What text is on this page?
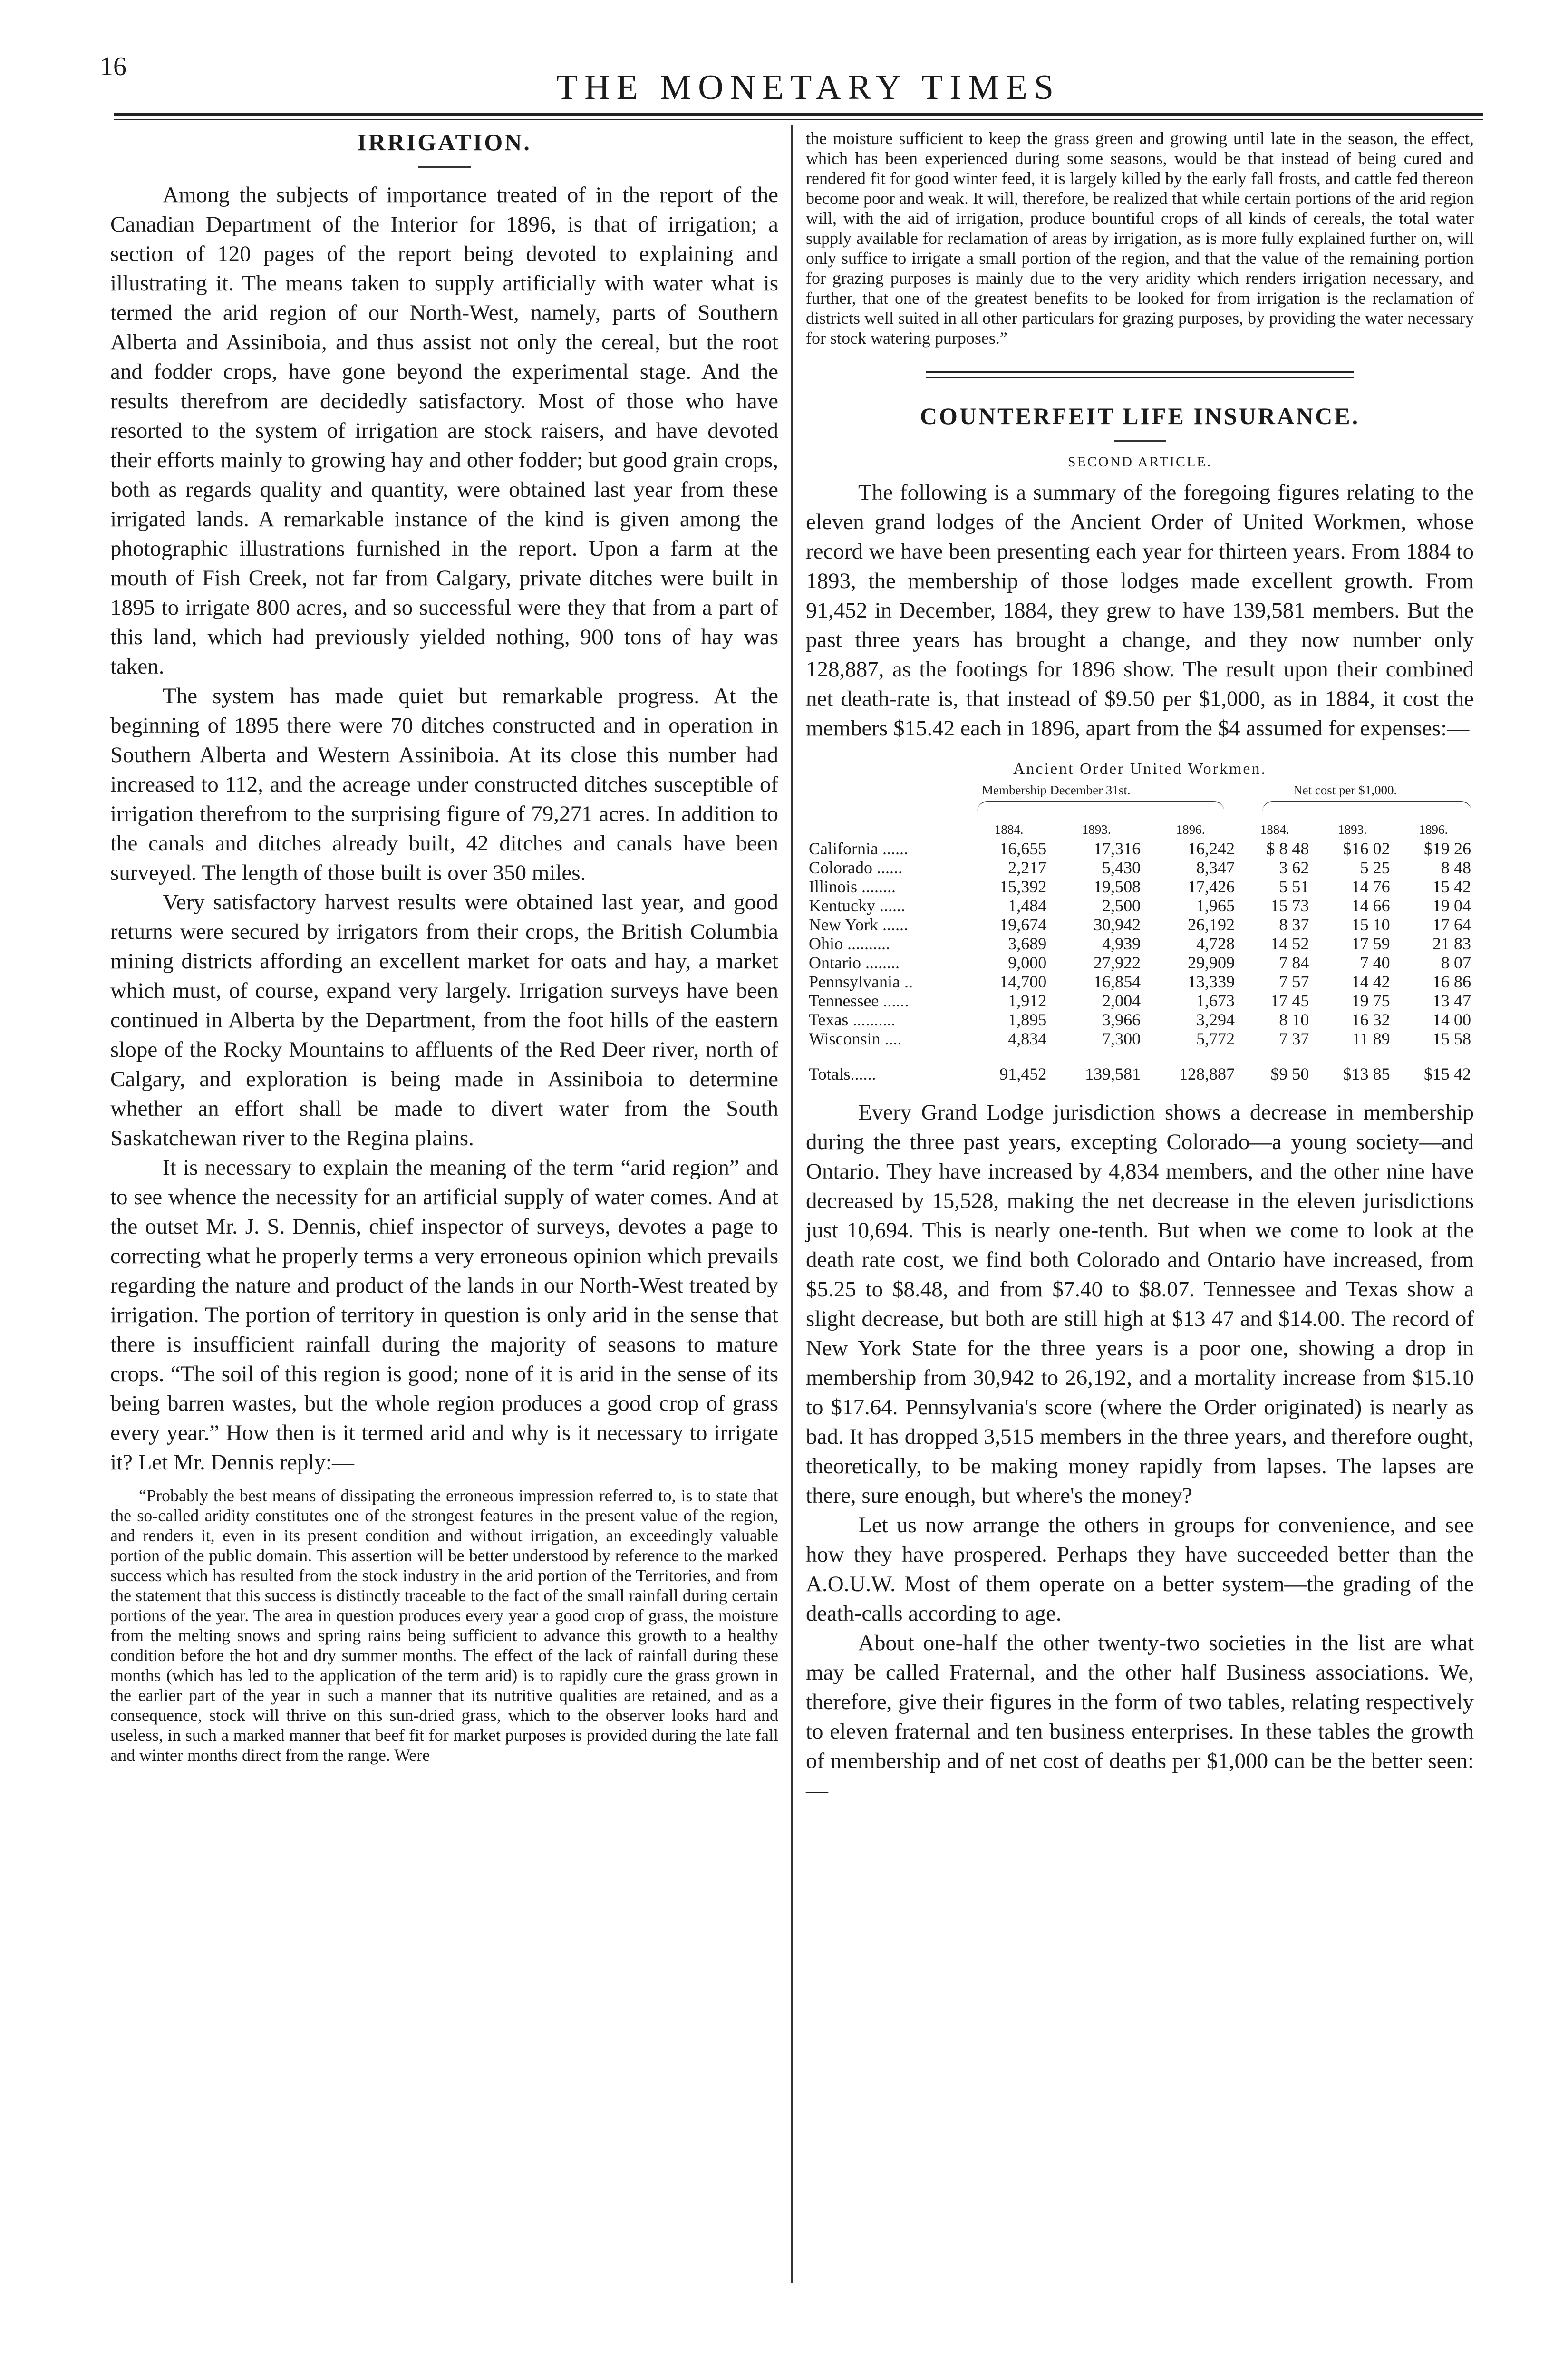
16
THE MONETARY TIMES
IRRIGATION.

Among the subjects of importance treated of in the report of the Canadian Department of the Interior for 1896, is that of irrigation; a section of 120 pages of the report being devoted to explaining and illustrating it. The means taken to supply artificially with water what is termed the arid region of our North-West, namely, parts of Southern Alberta and Assiniboia, and thus assist not only the cereal, but the root and fodder crops, have gone beyond the experimental stage. And the results therefrom are decidedly satisfactory. Most of those who have resorted to the system of irrigation are stock raisers, and have devoted their efforts mainly to growing hay and other fodder; but good grain crops, both as regards quality and quantity, were obtained last year from these irrigated lands. A remarkable instance of the kind is given among the photographic illustrations furnished in the report. Upon a farm at the mouth of Fish Creek, not far from Calgary, private ditches were built in 1895 to irrigate 800 acres, and so successful were they that from a part of this land, which had previously yielded nothing, 900 tons of hay was taken.

The system has made quiet but remarkable progress. At the beginning of 1895 there were 70 ditches constructed and in operation in Southern Alberta and Western Assiniboia. At its close this number had increased to 112, and the acreage under constructed ditches susceptible of irrigation therefrom to the surprising figure of 79,271 acres. In addition to the canals and ditches already built, 42 ditches and canals have been surveyed. The length of those built is over 350 miles.

Very satisfactory harvest results were obtained last year, and good returns were secured by irrigators from their crops, the British Columbia mining districts affording an excellent market for oats and hay, a market which must, of course, expand very largely. Irrigation surveys have been continued in Alberta by the Department, from the foot hills of the eastern slope of the Rocky Mountains to affluents of the Red Deer river, north of Calgary, and exploration is being made in Assiniboia to determine whether an effort shall be made to divert water from the South Saskatchewan river to the Regina plains.

It is necessary to explain the meaning of the term “arid region” and to see whence the necessity for an artificial supply of water comes. And at the outset Mr. J. S. Dennis, chief inspector of surveys, devotes a page to correcting what he properly terms a very erroneous opinion which prevails regarding the nature and product of the lands in our North-West treated by irrigation. The portion of territory in question is only arid in the sense that there is insufficient rainfall during the majority of seasons to mature crops. “The soil of this region is good; none of it is arid in the sense of its being barren wastes, but the whole region produces a good crop of grass every year.” How then is it termed arid and why is it necessary to irrigate it? Let Mr. Dennis reply:—

“Probably the best means of dissipating the erroneous impression referred to, is to state that the so-called aridity constitutes one of the strongest features in the present value of the region, and renders it, even in its present condition and without irrigation, an exceedingly valuable portion of the public domain. This assertion will be better understood by reference to the marked success which has resulted from the stock industry in the arid portion of the Territories, and from the statement that this success is distinctly traceable to the fact of the small rainfall during certain portions of the year. The area in question produces every year a good crop of grass, the moisture from the melting snows and spring rains being sufficient to advance this growth to a healthy condition before the hot and dry summer months. The effect of the lack of rainfall during these months (which has led to the application of the term arid) is to rapidly cure the grass grown in the earlier part of the year in such a manner that its nutritive qualities are retained, and as a consequence, stock will thrive on this sun-dried grass, which to the observer looks hard and useless, in such a marked manner that beef fit for market purposes is provided during the late fall and winter months direct from the range. Were

the moisture sufficient to keep the grass green and growing until late in the season, the effect, which has been experienced during some seasons, would be that instead of being cured and rendered fit for good winter feed, it is largely killed by the early fall frosts, and cattle fed thereon become poor and weak. It will, therefore, be realized that while certain portions of the arid region will, with the aid of irrigation, produce bountiful crops of all kinds of cereals, the total water supply available for reclamation of areas by irrigation, as is more fully explained further on, will only suffice to irrigate a small portion of the region, and that the value of the remaining portion for grazing purposes is mainly due to the very aridity which renders irrigation necessary, and further, that one of the greatest benefits to be looked for from irrigation is the reclamation of districts well suited in all other particulars for grazing purposes, by providing the water necessary for stock watering purposes.”

COUNTERFEIT LIFE INSURANCE.
SECOND ARTICLE.

The following is a summary of the foregoing figures relating to the eleven grand lodges of the Ancient Order of United Workmen, whose record we have been presenting each year for thirteen years. From 1884 to 1893, the membership of those lodges made excellent growth. From 91,452 in December, 1884, they grew to have 139,581 members. But the past three years has brought a change, and they now number only 128,887, as the footings for 1896 show. The result upon their combined net death-rate is, that instead of $9.50 per $1,000, as in 1884, it cost the members $15.42 each in 1896, apart from the $4 assumed for expenses:—

Ancient Order United Workmen.
Membership December 31st.	Net cost per $1,000.
	1884.	1893.	1896.	1884.	1893.	1896.
California ......	16,655	17,316	16,242	$ 8 48	$16 02	$19 26
Colorado ......	2,217	5,430	8,347	3 62	5 25	8 48
Illinois ........	15,392	19,508	17,426	5 51	14 76	15 42
Kentucky ......	1,484	2,500	1,965	15 73	14 66	19 04
New York ......	19,674	30,942	26,192	8 37	15 10	17 64
Ohio ..........	3,689	4,939	4,728	14 52	17 59	21 83
Ontario ........	9,000	27,922	29,909	7 84	7 40	8 07
Pennsylvania ..	14,700	16,854	13,339	7 57	14 42	16 86
Tennessee ......	1,912	2,004	1,673	17 45	19 75	13 47
Texas ..........	1,895	3,966	3,294	8 10	16 32	14 00
Wisconsin ....	4,834	7,300	5,772	7 37	11 89	15 58
Totals......	91,452	139,581	128,887	$9 50	$13 85	$15 42

Every Grand Lodge jurisdiction shows a decrease in membership during the three past years, excepting Colorado—a young society—and Ontario. They have increased by 4,834 members, and the other nine have decreased by 15,528, making the net decrease in the eleven jurisdictions just 10,694. This is nearly one-tenth. But when we come to look at the death rate cost, we find both Colorado and Ontario have increased, from $5.25 to $8.48, and from $7.40 to $8.07. Tennessee and Texas show a slight decrease, but both are still high at $13 47 and $14.00. The record of New York State for the three years is a poor one, showing a drop in membership from 30,942 to 26,192, and a mortality increase from $15.10 to $17.64. Pennsylvania's score (where the Order originated) is nearly as bad. It has dropped 3,515 members in the three years, and therefore ought, theoretically, to be making money rapidly from lapses. The lapses are there, sure enough, but where's the money?

Let us now arrange the others in groups for convenience, and see how they have prospered. Perhaps they have succeeded better than the A.O.U.W. Most of them operate on a better system—the grading of the death-calls according to age.

About one-half the other twenty-two societies in the list are what may be called Fraternal, and the other half Business associations. We, therefore, give their figures in the form of two tables, relating respectively to eleven fraternal and ten business enterprises. In these tables the growth of membership and of net cost of deaths per $1,000 can be the better seen:—
